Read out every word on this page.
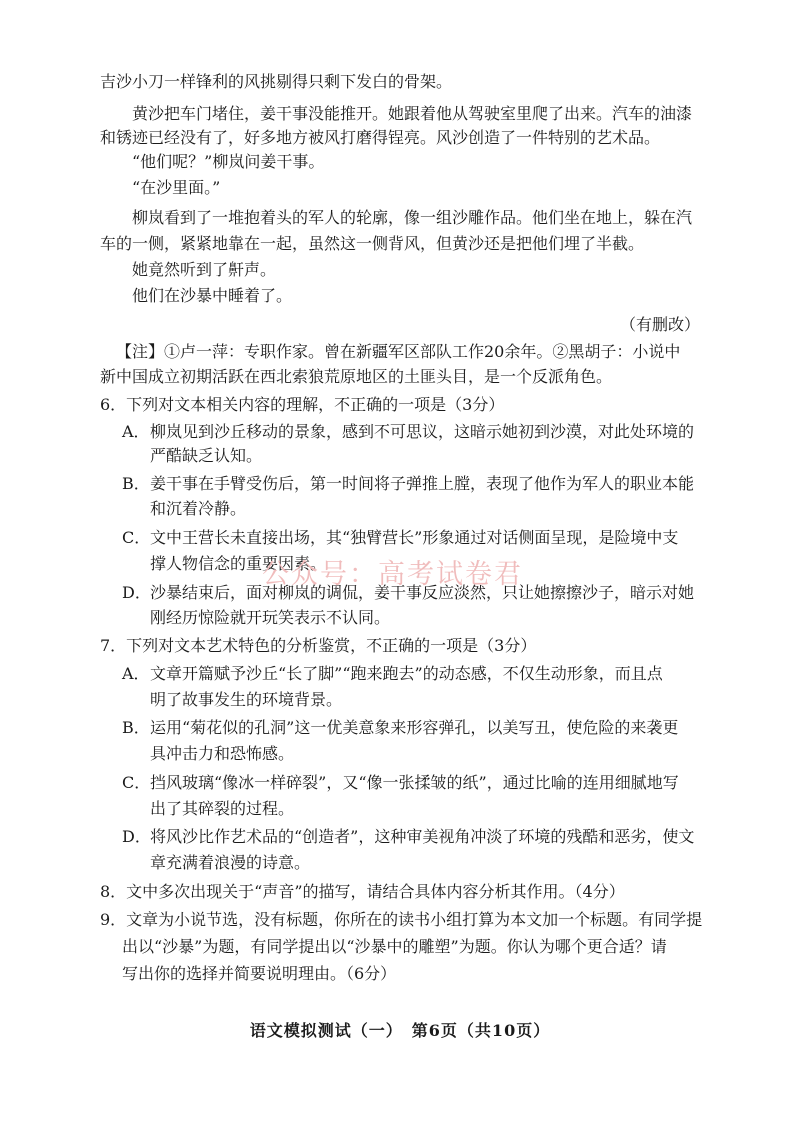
吉沙小刀一样锋利的风挑剔得只剩下发白的骨架。
黄沙把车门堵住，姜干事没能推开。她跟着他从驾驶室里爬了出来。汽车的油漆
和锈迹已经没有了，好多地方被风打磨得锃亮。风沙创造了一件特别的艺术品。
“他们呢？”柳岚问姜干事。
“在沙里面。”
柳岚看到了一堆抱着头的军人的轮廓，像一组沙雕作品。他们坐在地上，躲在汽
车的一侧，紧紧地靠在一起，虽然这一侧背风，但黄沙还是把他们埋了半截。
她竟然听到了鼾声。
他们在沙暴中睡着了。
（有删改）
【注】①卢一萍：专职作家。曾在新疆军区部队工作20余年。②黑胡子：小说中
新中国成立初期活跃在西北索狼荒原地区的土匪头目，是一个反派角色。
6．下列对文本相关内容的理解，不正确的一项是（3分）
A． 柳岚见到沙丘移动的景象，感到不可思议，这暗示她初到沙漠，对此处环境的
严酷缺乏认知。
B． 姜干事在手臂受伤后，第一时间将子弹推上膛，表现了他作为军人的职业本能
和沉着冷静。
C． 文中王营长未直接出场，其“独臂营长”形象通过对话侧面呈现，是险境中支
撑人物信念的重要因素。
D． 沙暴结束后，面对柳岚的调侃，姜干事反应淡然，只让她擦擦沙子，暗示对她
刚经历惊险就开玩笑表示不认同。
7．下列对文本艺术特色的分析鉴赏，不正确的一项是（3分）
A． 文章开篇赋予沙丘“长了脚”“跑来跑去”的动态感，不仅生动形象，而且点
明了故事发生的环境背景。
B． 运用“菊花似的孔洞”这一优美意象来形容弹孔，以美写丑，使危险的来袭更
具冲击力和恐怖感。
C． 挡风玻璃“像冰一样碎裂”，又“像一张揉皱的纸”，通过比喻的连用细腻地写
出了其碎裂的过程。
D． 将风沙比作艺术品的“创造者”，这种审美视角冲淡了环境的残酷和恶劣，使文
章充满着浪漫的诗意。
8．文中多次出现关于“声音”的描写，请结合具体内容分析其作用。（4分）
9．文章为小说节选，没有标题，你所在的读书小组打算为本文加一个标题。有同学提
出以“沙暴”为题，有同学提出以“沙暴中的雕塑”为题。你认为哪个更合适？请
写出你的选择并简要说明理由。（6分）
公众号：高考试卷君
语文模拟测试（一）　第6页（共10页）
